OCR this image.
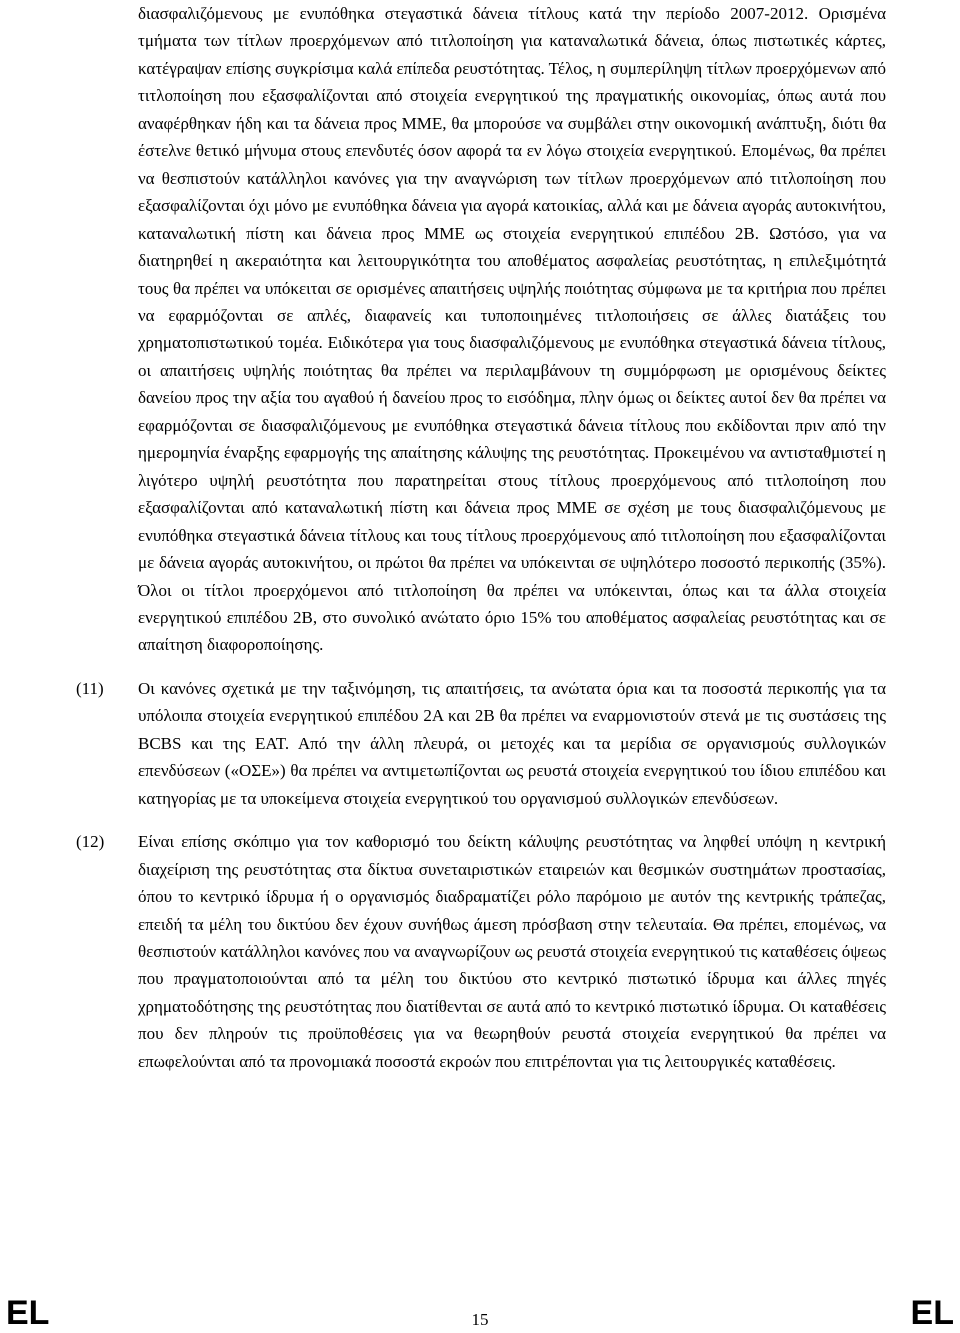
διασφαλιζόμενους με ενυπόθηκα στεγαστικά δάνεια τίτλους κατά την περίοδο 2007-2012. Ορισμένα τμήματα των τίτλων προερχόμενων από τιτλοποίηση για καταναλωτικά δάνεια, όπως πιστωτικές κάρτες, κατέγραψαν επίσης συγκρίσιμα καλά επίπεδα ρευστότητας. Τέλος, η συμπερίληψη τίτλων προερχόμενων από τιτλοποίηση που εξασφαλίζονται από στοιχεία ενεργητικού της πραγματικής οικονομίας, όπως αυτά που αναφέρθηκαν ήδη και τα δάνεια προς ΜΜΕ, θα μπορούσε να συμβάλει στην οικονομική ανάπτυξη, διότι θα έστελνε θετικό μήνυμα στους επενδυτές όσον αφορά τα εν λόγω στοιχεία ενεργητικού. Επομένως, θα πρέπει να θεσπιστούν κατάλληλοι κανόνες για την αναγνώριση των τίτλων προερχόμενων από τιτλοποίηση που εξασφαλίζονται όχι μόνο με ενυπόθηκα δάνεια για αγορά κατοικίας, αλλά και με δάνεια αγοράς αυτοκινήτου, καταναλωτική πίστη και δάνεια προς ΜΜΕ ως στοιχεία ενεργητικού επιπέδου 2Β. Ωστόσο, για να διατηρηθεί η ακεραιότητα και λειτουργικότητα του αποθέματος ασφαλείας ρευστότητας, η επιλεξιμότητά τους θα πρέπει να υπόκειται σε ορισμένες απαιτήσεις υψηλής ποιότητας σύμφωνα με τα κριτήρια που πρέπει να εφαρμόζονται σε απλές, διαφανείς και τυποποιημένες τιτλοποιήσεις σε άλλες διατάξεις του χρηματοπιστωτικού τομέα. Ειδικότερα για τους διασφαλιζόμενους με ενυπόθηκα στεγαστικά δάνεια τίτλους, οι απαιτήσεις υψηλής ποιότητας θα πρέπει να περιλαμβάνουν τη συμμόρφωση με ορισμένους δείκτες δανείου προς την αξία του αγαθού ή δανείου προς το εισόδημα, πλην όμως οι δείκτες αυτοί δεν θα πρέπει να εφαρμόζονται σε διασφαλιζόμενους με ενυπόθηκα στεγαστικά δάνεια τίτλους που εκδίδονται πριν από την ημερομηνία έναρξης εφαρμογής της απαίτησης κάλυψης της ρευστότητας. Προκειμένου να αντισταθμιστεί η λιγότερο υψηλή ρευστότητα που παρατηρείται στους τίτλους προερχόμενους από τιτλοποίηση που εξασφαλίζονται από καταναλωτική πίστη και δάνεια προς ΜΜΕ σε σχέση με τους διασφαλιζόμενους με ενυπόθηκα στεγαστικά δάνεια τίτλους και τους τίτλους προερχόμενους από τιτλοποίηση που εξασφαλίζονται με δάνεια αγοράς αυτοκινήτου, οι πρώτοι θα πρέπει να υπόκεινται σε υψηλότερο ποσοστό περικοπής (35%). Όλοι οι τίτλοι προερχόμενοι από τιτλοποίηση θα πρέπει να υπόκεινται, όπως και τα άλλα στοιχεία ενεργητικού επιπέδου 2Β, στο συνολικό ανώτατο όριο 15% του αποθέματος ασφαλείας ρευστότητας και σε απαίτηση διαφοροποίησης.

(11) Οι κανόνες σχετικά με την ταξινόμηση, τις απαιτήσεις, τα ανώτατα όρια και τα ποσοστά περικοπής για τα υπόλοιπα στοιχεία ενεργητικού επιπέδου 2Α και 2Β θα πρέπει να εναρμονιστούν στενά με τις συστάσεις της BCBS και της ΕΑΤ. Από την άλλη πλευρά, οι μετοχές και τα μερίδια σε οργανισμούς συλλογικών επενδύσεων («ΟΣΕ») θα πρέπει να αντιμετωπίζονται ως ρευστά στοιχεία ενεργητικού του ίδιου επιπέδου και κατηγορίας με τα υποκείμενα στοιχεία ενεργητικού του οργανισμού συλλογικών επενδύσεων.

(12) Είναι επίσης σκόπιμο για τον καθορισμό του δείκτη κάλυψης ρευστότητας να ληφθεί υπόψη η κεντρική διαχείριση της ρευστότητας στα δίκτυα συνεταιριστικών εταιρειών και θεσμικών συστημάτων προστασίας, όπου το κεντρικό ίδρυμα ή ο οργανισμός διαδραματίζει ρόλο παρόμοιο με αυτόν της κεντρικής τράπεζας, επειδή τα μέλη του δικτύου δεν έχουν συνήθως άμεση πρόσβαση στην τελευταία. Θα πρέπει, επομένως, να θεσπιστούν κατάλληλοι κανόνες που να αναγνωρίζουν ως ρευστά στοιχεία ενεργητικού τις καταθέσεις όψεως που πραγματοποιούνται από τα μέλη του δικτύου στο κεντρικό πιστωτικό ίδρυμα και άλλες πηγές χρηματοδότησης της ρευστότητας που διατίθενται σε αυτά από το κεντρικό πιστωτικό ίδρυμα. Οι καταθέσεις που δεν πληρούν τις προϋποθέσεις για να θεωρηθούν ρευστά στοιχεία ενεργητικού θα πρέπει να επωφελούνται από τα προνομιακά ποσοστά εκροών που επιτρέπονται για τις λειτουργικές καταθέσεις.

EL	15	EL
